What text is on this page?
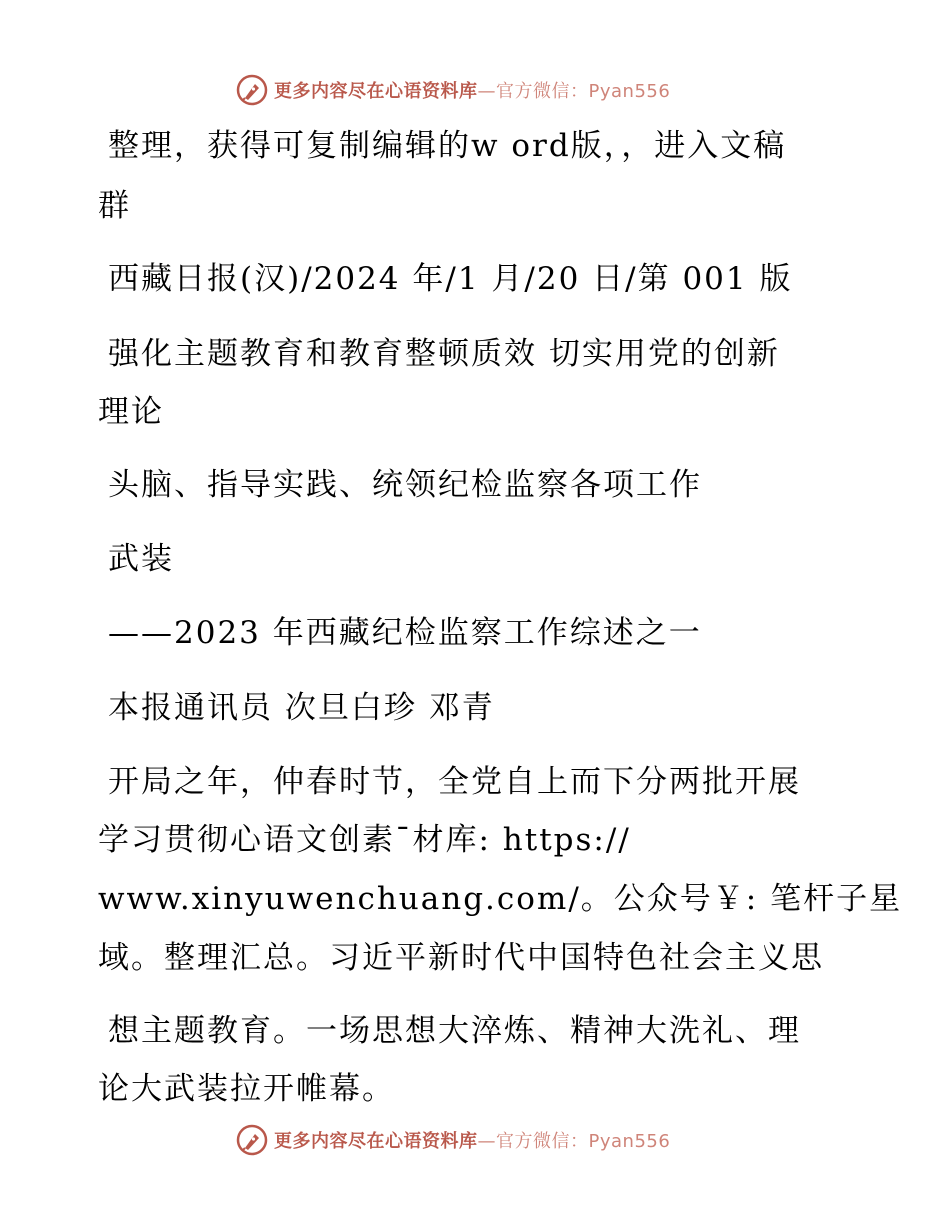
更多内容尽在心语资料库 —官方微信：Pyan556
整理，获得可复制编辑的w ord版，，进入文稿
群
西藏日报(汉)/2024 年/1 月/20 日/第 001 版
强化主题教育和教育整顿质效 切实用党的创新
理论
头脑、指导实践、统领纪检监察各项工作
武装
——2023 年西藏纪检监察工作综述之一
本报通讯员 次旦白珍 邓青
开局之年，仲春时节，全党自上而下分两批开展
学习贯彻心语文创素¯材库: https://
www.xinyuwenchuang.com/。公众号￥: 笔杆子星
域。整理汇总。习近平新时代中国特色社会主义思
想主题教育。一场思想大淬炼、精神大洗礼、理
论大武装拉开帷幕。
更多内容尽在心语资料库 —官方微信：Pyan556
